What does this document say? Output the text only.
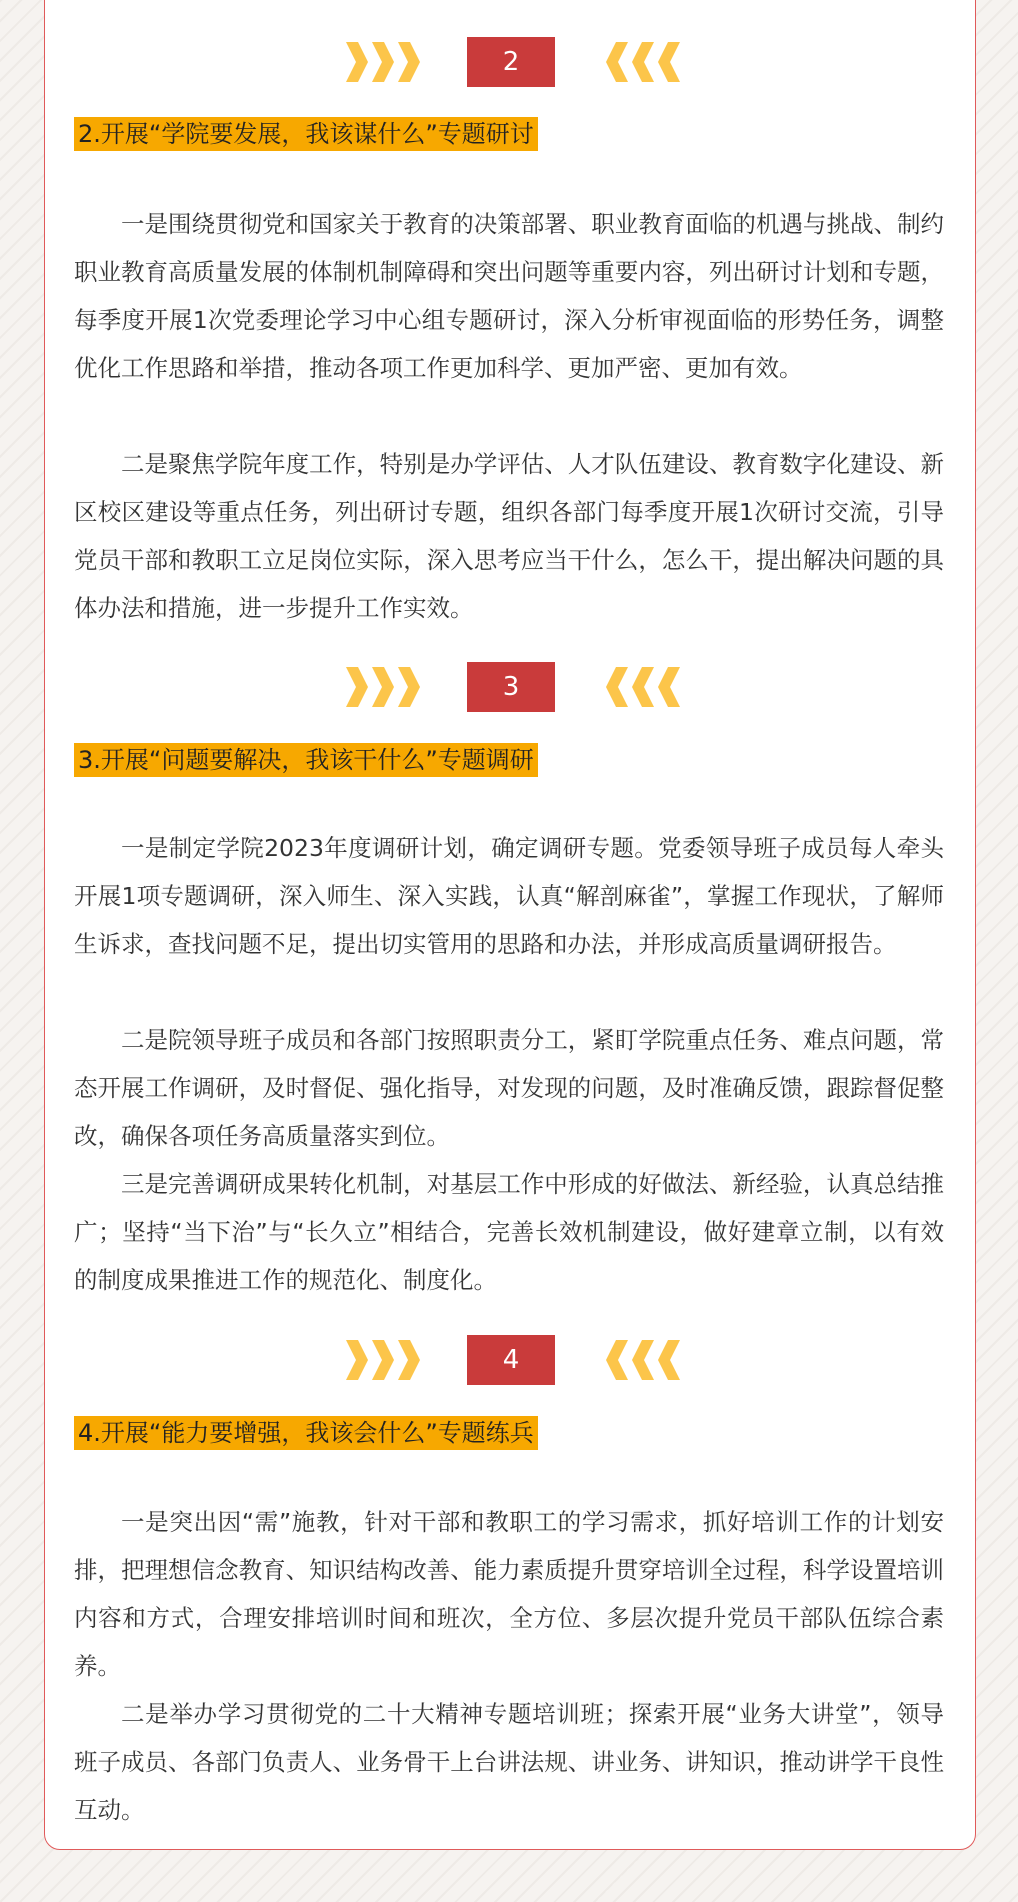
2
2.开展“学院要发展，我该谋什么”专题研讨

一是围绕贯彻党和国家关于教育的决策部署、职业教育面临的机遇与挑战、制约职业教育高质量发展的体制机制障碍和突出问题等重要内容，列出研讨计划和专题，每季度开展1次党委理论学习中心组专题研讨，深入分析审视面临的形势任务，调整优化工作思路和举措，推动各项工作更加科学、更加严密、更加有效。

二是聚焦学院年度工作，特别是办学评估、人才队伍建设、教育数字化建设、新区校区建设等重点任务，列出研讨专题，组织各部门每季度开展1次研讨交流，引导党员干部和教职工立足岗位实际，深入思考应当干什么，怎么干，提出解决问题的具体办法和措施，进一步提升工作实效。

3
3.开展“问题要解决，我该干什么”专题调研

一是制定学院2023年度调研计划，确定调研专题。党委领导班子成员每人牵头开展1项专题调研，深入师生、深入实践，认真“解剖麻雀”，掌握工作现状，了解师生诉求，查找问题不足，提出切实管用的思路和办法，并形成高质量调研报告。

二是院领导班子成员和各部门按照职责分工，紧盯学院重点任务、难点问题，常态开展工作调研，及时督促、强化指导，对发现的问题，及时准确反馈，跟踪督促整改，确保各项任务高质量落实到位。

三是完善调研成果转化机制，对基层工作中形成的好做法、新经验，认真总结推广；坚持“当下治”与“长久立”相结合，完善长效机制建设，做好建章立制，以有效的制度成果推进工作的规范化、制度化。

4
4.开展“能力要增强，我该会什么”专题练兵

一是突出因“需”施教，针对干部和教职工的学习需求，抓好培训工作的计划安排，把理想信念教育、知识结构改善、能力素质提升贯穿培训全过程，科学设置培训内容和方式，合理安排培训时间和班次，全方位、多层次提升党员干部队伍综合素养。

二是举办学习贯彻党的二十大精神专题培训班；探索开展“业务大讲堂”，领导班子成员、各部门负责人、业务骨干上台讲法规、讲业务、讲知识，推动讲学干良性互动。
